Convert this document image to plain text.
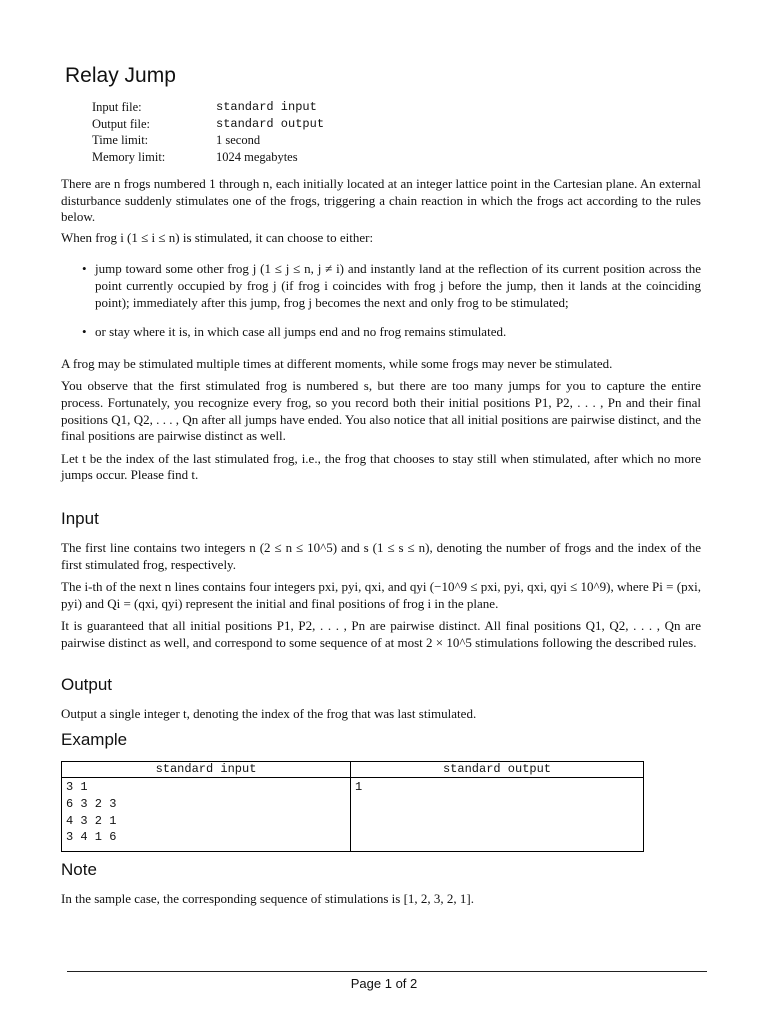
Relay Jump
Input file:	standard input
Output file:	standard output
Time limit:	1 second
Memory limit:	1024 megabytes

There are n frogs numbered 1 through n, each initially located at an integer lattice point in the Cartesian plane. An external disturbance suddenly stimulates one of the frogs, triggering a chain reaction in which the frogs act according to the rules below.

When frog i (1 ≤ i ≤ n) is stimulated, it can choose to either:

• jump toward some other frog j (1 ≤ j ≤ n, j ≠ i) and instantly land at the reflection of its current position across the point currently occupied by frog j (if frog i coincides with frog j before the jump, then it lands at the coinciding point); immediately after this jump, frog j becomes the next and only frog to be stimulated;
• or stay where it is, in which case all jumps end and no frog remains stimulated.

A frog may be stimulated multiple times at different moments, while some frogs may never be stimulated.

You observe that the first stimulated frog is numbered s, but there are too many jumps for you to capture the entire process. Fortunately, you recognize every frog, so you record both their initial positions P1, P2, . . . , Pn and their final positions Q1, Q2, . . . , Qn after all jumps have ended. You also notice that all initial positions are pairwise distinct, and the final positions are pairwise distinct as well.

Let t be the index of the last stimulated frog, i.e., the frog that chooses to stay still when stimulated, after which no more jumps occur. Please find t.

Input

The first line contains two integers n (2 ≤ n ≤ 10^5) and s (1 ≤ s ≤ n), denoting the number of frogs and the index of the first stimulated frog, respectively.

The i-th of the next n lines contains four integers pxi, pyi, qxi, and qyi (−10^9 ≤ pxi, pyi, qxi, qyi ≤ 10^9), where Pi = (pxi, pyi) and Qi = (qxi, qyi) represent the initial and final positions of frog i in the plane.

It is guaranteed that all initial positions P1, P2, . . . , Pn are pairwise distinct. All final positions Q1, Q2, . . . , Qn are pairwise distinct as well, and correspond to some sequence of at most 2 × 10^5 stimulations following the described rules.

Output

Output a single integer t, denoting the index of the frog that was last stimulated.

Example
standard input	standard output
3 1
6 3 2 3
4 3 2 1
3 4 1 6	1
Note

In the sample case, the corresponding sequence of stimulations is [1, 2, 3, 2, 1].

Page 1 of 2
